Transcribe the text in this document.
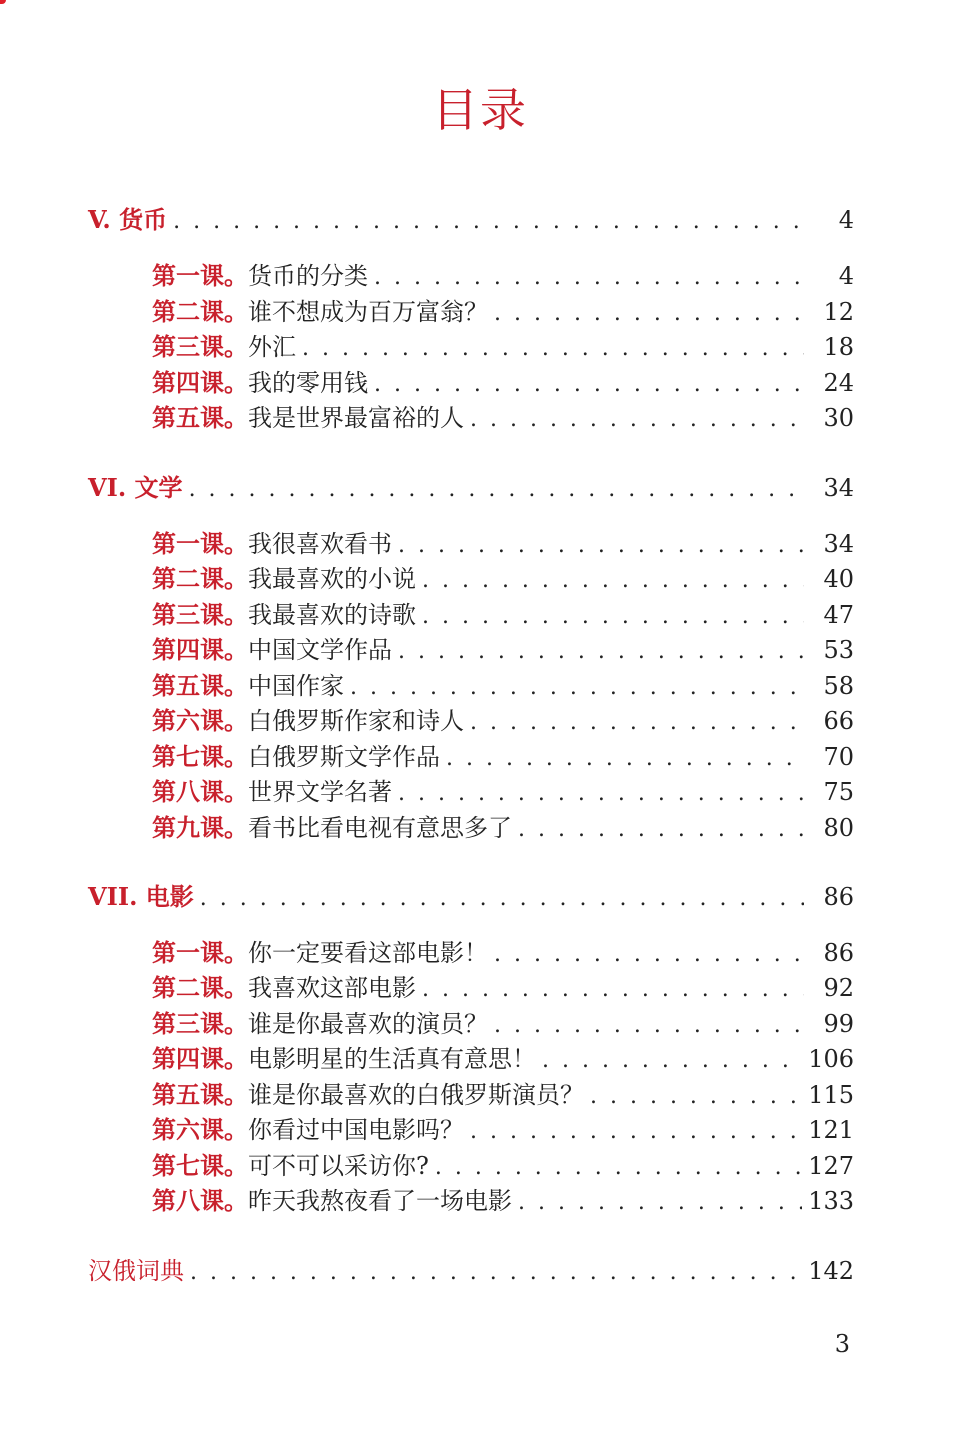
目录
V. 货币 . . .	4
第一课。 货币的分类 . . .	4
第二课。 谁不想成为百万富翁？ . . .	12
第三课。 外汇 . . .	18
第四课。 我的零用钱 . . .	24
第五课。 我是世界最富裕的人 . . .	30
VI. 文学 . . .	34
第一课。 我很喜欢看书 . . .	34
第二课。 我最喜欢的小说 . . .	40
第三课。 我最喜欢的诗歌 . . .	47
第四课。 中国文学作品 . . .	53
第五课。 中国作家 . . .	58
第六课。 白俄罗斯作家和诗人 . . .	66
第七课。 白俄罗斯文学作品 . . .	70
第八课。 世界文学名著 . . .	75
第九课。 看书比看电视有意思多了 . . .	80
VII. 电影 . . .	86
第一课。 你一定要看这部电影！ . . .	86
第二课。 我喜欢这部电影 . . .	92
第三课。 谁是你最喜欢的演员？ . . .	99
第四课。 电影明星的生活真有意思！ . . .	106
第五课。 谁是你最喜欢的白俄罗斯演员？ . . .	115
第六课。 你看过中国电影吗？ . . .	121
第七课。 可不可以采访你? . . .	127
第八课。 昨天我熬夜看了一场电影 . . .	133
汉俄词典 . . .	142
3
